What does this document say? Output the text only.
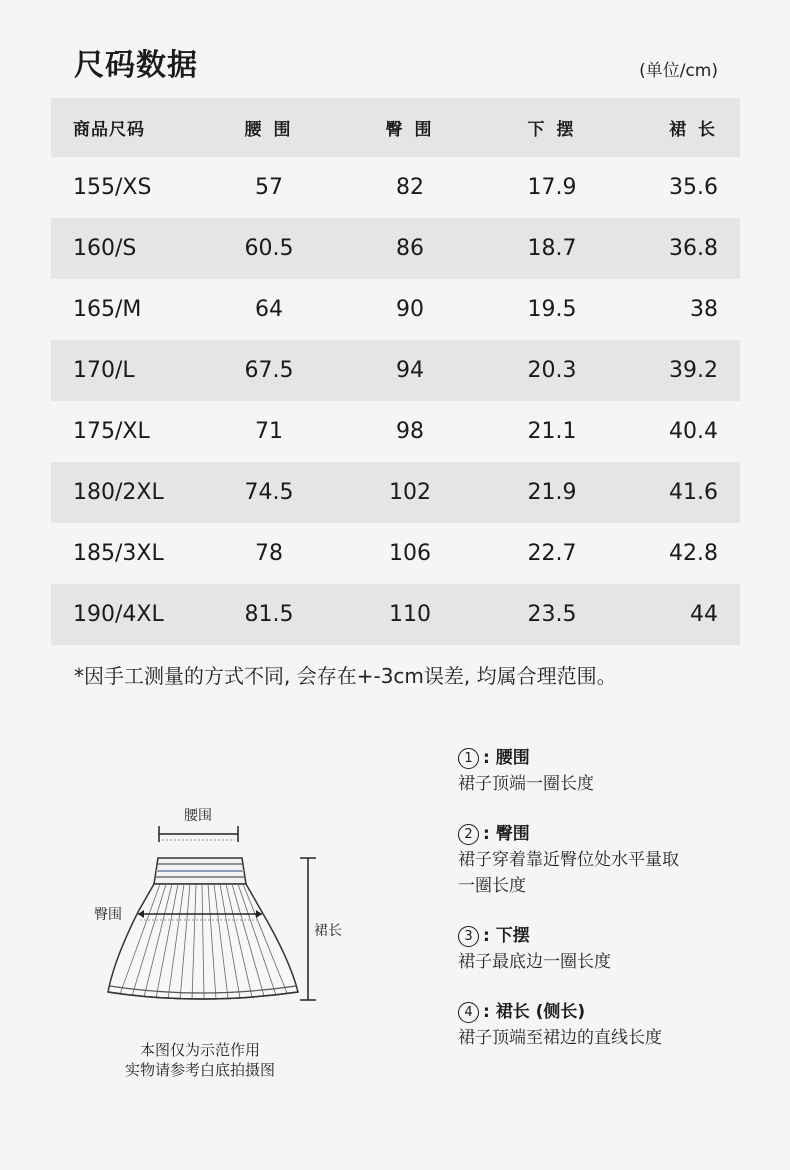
尺码数据	(单位/cm)
商品尺码	腰 围	臀 围	下 摆	裙 长
155/XS	57	82	17.9	35.6
160/S	60.5	86	18.7	36.8
165/M	64	90	19.5	38
170/L	67.5	94	20.3	39.2
175/XL	71	98	21.1	40.4
180/2XL	74.5	102	21.9	41.6
185/3XL	78	106	22.7	42.8
190/4XL	81.5	110	23.5	44
*因手工测量的方式不同, 会存在+-3cm误差, 均属合理范围。
腰围
臀围
裙长
本图仅为示范作用
实物请参考白底拍摄图
1 : 腰围
裙子顶端一圈长度
2 : 臀围
裙子穿着靠近臀位处水平量取
一圈长度
3 : 下摆
裙子最底边一圈长度
4 : 裙长 (侧长)
裙子顶端至裙边的直线长度
